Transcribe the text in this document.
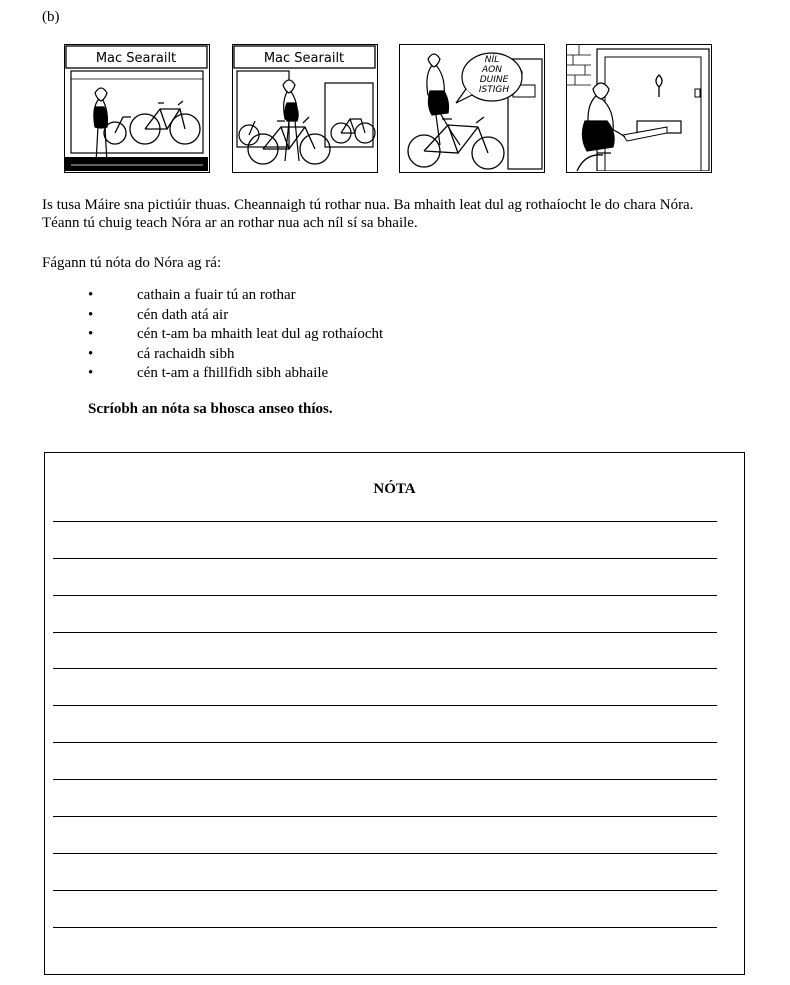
(b)
Mac Searailt	Mac Searailt	NÍL
AON
DUINE
ISTIGH

Is tusa Máire sna pictiúir thuas. Cheannaigh tú rothar nua. Ba mhaith leat dul ag rothaíocht le do chara Nóra.

Téann tú chuig teach Nóra ar an rothar nua ach níl sí sa bhaile.

Fágann tú nóta do Nóra ag rá:

•	cathain a fuair tú an rothar
•	cén dath atá air
•	cén t-am ba mhaith leat dul ag rothaíocht
•	cá rachaidh sibh
•	cén t-am a fhillfidh sibh abhaile

Scríobh an nóta sa bhosca anseo thíos.

NÓTA
